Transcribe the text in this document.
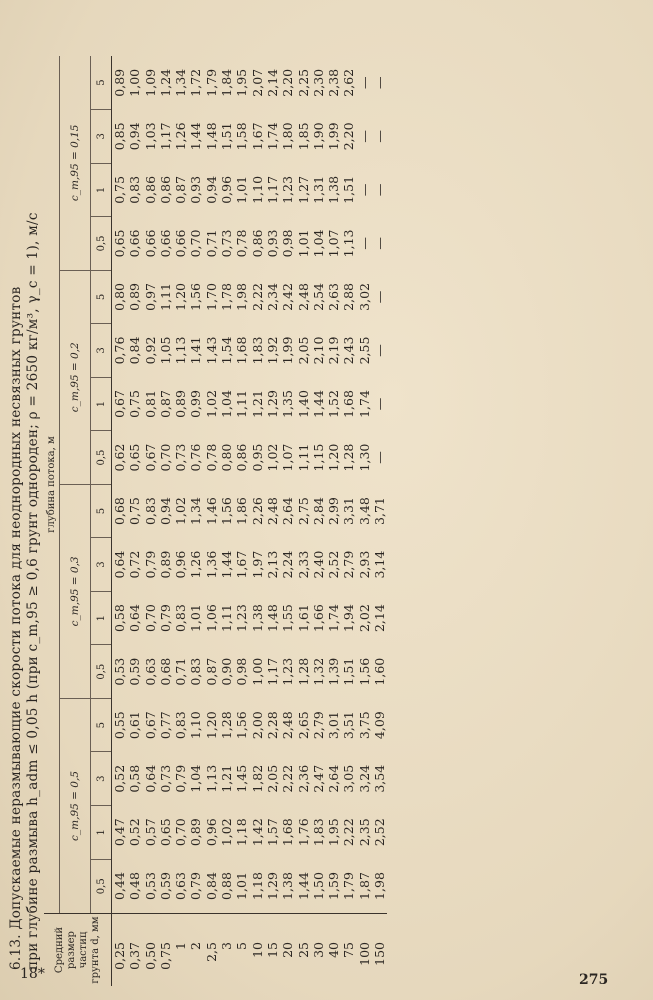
6.13. Допускаемые неразмывающие скорости потока для неоднородных несвязных грунтов при глубине размыва h_adm ≤ 0,05 h (при c_m,95 ≥ 0,6 грунт однороден; ρ = 2650 кг/м³, γ_c = 1), м/с Средний размер частиц грунта d, мм	глубина потока, м															
	c_m,95 = 0,5				c_m,95 = 0,3				c_m,95 = 0,2				c_m,95 = 0,15			
	0,5	1	3	5	0,5	1	3	5	0,5	1	3	5	0,5	1	3	5
0,25	0,44	0,47	0,52	0,55	0,53	0,58	0,64	0,68	0,62	0,67	0,76	0,80	0,65	0,75	0,85	0,89
0,37	0,48	0,52	0,58	0,61	0,59	0,64	0,72	0,75	0,65	0,75	0,84	0,89	0,66	0,83	0,94	1,00
0,50	0,53	0,57	0,64	0,67	0,63	0,70	0,79	0,83	0,67	0,81	0,92	0,97	0,66	0,86	1,03	1,09
0,75	0,59	0,65	0,73	0,77	0,68	0,79	0,89	0,94	0,70	0,87	1,05	1,11	0,66	0,86	1,17	1,24
1	0,63	0,70	0,79	0,83	0,71	0,83	0,96	1,02	0,73	0,89	1,13	1,20	0,66	0,87	1,26	1,34
2	0,79	0,89	1,04	1,10	0,83	1,01	1,26	1,34	0,76	0,99	1,41	1,56	0,70	0,93	1,44	1,72
2,5	0,84	0,96	1,13	1,20	0,87	1,06	1,36	1,46	0,78	1,02	1,43	1,70	0,71	0,94	1,48	1,79
3	0,88	1,02	1,21	1,28	0,90	1,11	1,44	1,56	0,80	1,04	1,54	1,78	0,73	0,96	1,51	1,84
5	1,01	1,18	1,45	1,56	0,98	1,23	1,67	1,86	0,86	1,11	1,68	1,98	0,78	1,01	1,58	1,95
10	1,18	1,42	1,82	2,00	1,00	1,38	1,97	2,26	0,95	1,21	1,83	2,22	0,86	1,10	1,67	2,07
15	1,29	1,57	2,05	2,28	1,17	1,48	2,13	2,48	1,02	1,29	1,92	2,34	0,93	1,17	1,74	2,14
20	1,38	1,68	2,22	2,48	1,23	1,55	2,24	2,64	1,07	1,35	1,99	2,42	0,98	1,23	1,80	2,20
25	1,44	1,76	2,36	2,65	1,28	1,61	2,33	2,75	1,11	1,40	2,05	2,48	1,01	1,27	1,85	2,25
30	1,50	1,83	2,47	2,79	1,32	1,66	2,40	2,84	1,15	1,44	2,10	2,54	1,04	1,31	1,90	2,30
40	1,59	1,95	2,64	3,01	1,39	1,74	2,52	2,99	1,20	1,52	2,19	2,63	1,07	1,38	1,99	2,38
75	1,79	2,22	3,05	3,51	1,51	1,94	2,79	3,31	1,28	1,68	2,43	2,88	1,13	1,51	2,20	2,62
100	1,87	2,35	3,24	3,75	1,56	2,02	2,93	3,48	1,30	1,74	2,55	3,02	—	—	—	—
150	1,98	2,52	3,54	4,09	1,60	2,14	3,14	3,71	—	—	—	—	—	—	—	—
18*	275
